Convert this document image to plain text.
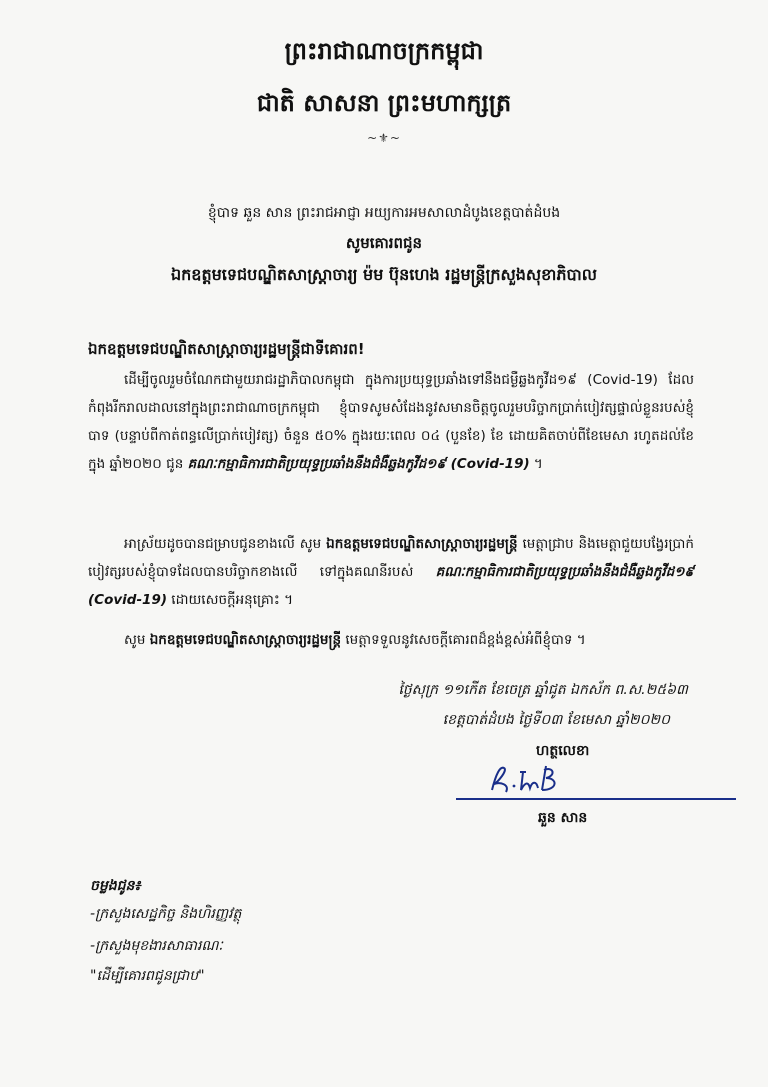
ព្រះរាជាណាចក្រកម្ពុជា
ជាតិ សាសនា ព្រះមហាក្សត្រ
~⚜~
ខ្ញុំបាទ ឆួន សាន ព្រះរាជអាជ្ញា អយ្យការអមសាលាដំបូងខេត្តបាត់ដំបង
សូមគោរពជូន
ឯកឧត្តមទេជបណ្ឌិតសាស្ត្រាចារ្យ ម៉ម ប៊ុនហេង រដ្ឋមន្ត្រីក្រសួងសុខាភិបាល
ឯកឧត្តមទេជបណ្ឌិតសាស្ត្រាចារ្យរដ្ឋមន្ត្រីជាទីគោរព!
ដើម្បីចូលរួមចំណែកជាមួយរាជរដ្ឋាភិបាលកម្ពុជា ក្នុងការប្រយុទ្ធប្រឆាំងទៅនឹងជម្ងឺឆ្លងកូវីដ១៩ (Covid-19) ដែលកំពុងរីករាលដាលនៅក្នុងព្រះរាជាណាចក្រកម្ពុជា ខ្ញុំបាទសូមសំដែងនូវសមានចិត្តចូលរួមបរិច្ចាកប្រាក់បៀវត្សផ្ទាល់ខ្លួនរបស់ខ្ញុំបាទ (បន្ទាប់ពីកាត់ពន្ធលើប្រាក់បៀវត្ស) ចំនួន ៥០% ក្នុងរយៈពេល ០៤ (បួនខែ) ខែ ដោយគិតចាប់ពីខែមេសា រហូតដល់ខែក្នុង ឆ្នាំ២០២០ ជូន គណៈកម្មាធិការជាតិប្រយុទ្ធប្រឆាំងនឹងជំងឺឆ្លងកូវីដ១៩ (Covid-19) ។
អាស្រ័យដូចបានជម្រាបជូនខាងលើ សូម ឯកឧត្តមទេជបណ្ឌិតសាស្ត្រាចារ្យរដ្ឋមន្ត្រី មេត្តាជ្រាប និងមេត្តាជួយបង្វែរប្រាក់បៀវត្សរបស់ខ្ញុំបាទដែលបានបរិច្ចាកខាងលើ ទៅក្នុងគណនីរបស់ គណៈកម្មាធិការជាតិប្រយុទ្ធប្រឆាំងនឹងជំងឺឆ្លងកូវីដ១៩ (Covid-19) ដោយសេចក្តីអនុគ្រោះ ។
សូម ឯកឧត្តមទេជបណ្ឌិតសាស្ត្រាចារ្យរដ្ឋមន្ត្រី មេត្តាទទួលនូវសេចក្តីគោរពដ៏ខ្ពង់ខ្ពស់អំពីខ្ញុំបាទ ។
ថ្ងៃសុក្រ ១១កើត ខែចេត្រ ឆ្នាំជូត ឯកស័ក ព.ស.២៥៦៣
ខេត្តបាត់ដំបង ថ្ងៃទី០៣ ខែមេសា ឆ្នាំ២០២០
ហត្ថលេខា
ឆួន សាន
ចម្លងជូន៖
-ក្រសួងសេដ្ឋកិច្ច និងហិរញ្ញវត្ថុ
-ក្រសួងមុខងារសាធារណៈ
"ដើម្បីគោរពជូនជ្រាប"
